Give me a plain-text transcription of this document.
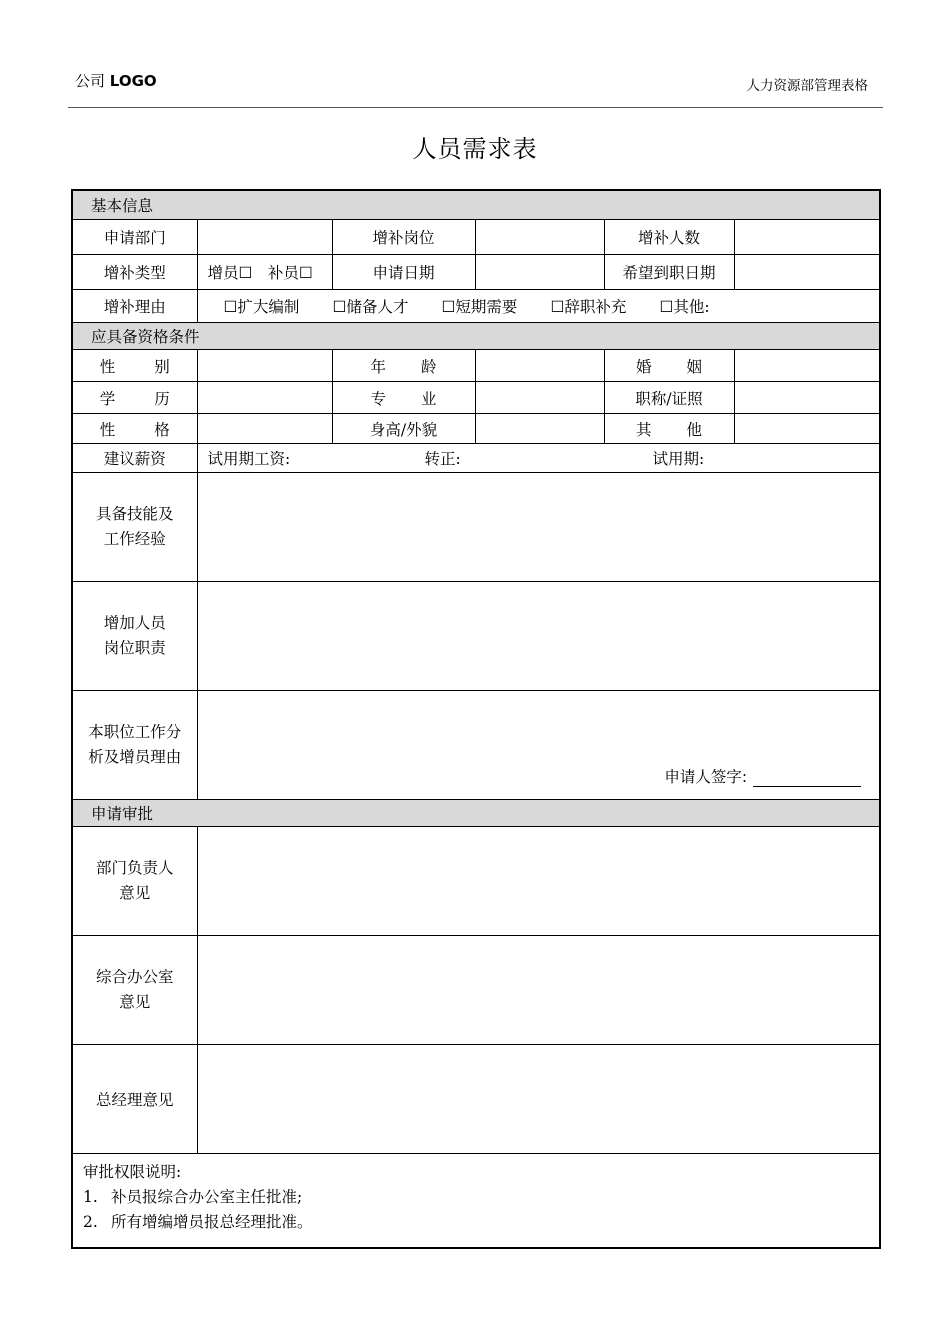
公司 LOGO	人力资源部管理表格
人员需求表
基本信息					
申请部门		增补岗位		增补人数	
增补类型	增员☐　补员☐	申请日期		希望到职日期	
增补理由	☐扩大编制 ☐储备人才 ☐短期需要 ☐辞职补充 ☐其他:				

应具备资格条件					
性　别		年　龄		婚　姻	
学　历		专　业		职称/证照	
性　格		身高/外貌		其　他	
建议薪资	试用期工资: 转正: 试用期:				

具备技能及
工作经验					

增加人员
岗位职责					

本职位工作分
析及增员理由	申请人签字:				

申请审批					

部门负责人
意见					

综合办公室
意见					

总经理意见					

审批权限说明:
1. 补员报综合办公室主任批准;
2. 所有增编增员报总经理批准。					
